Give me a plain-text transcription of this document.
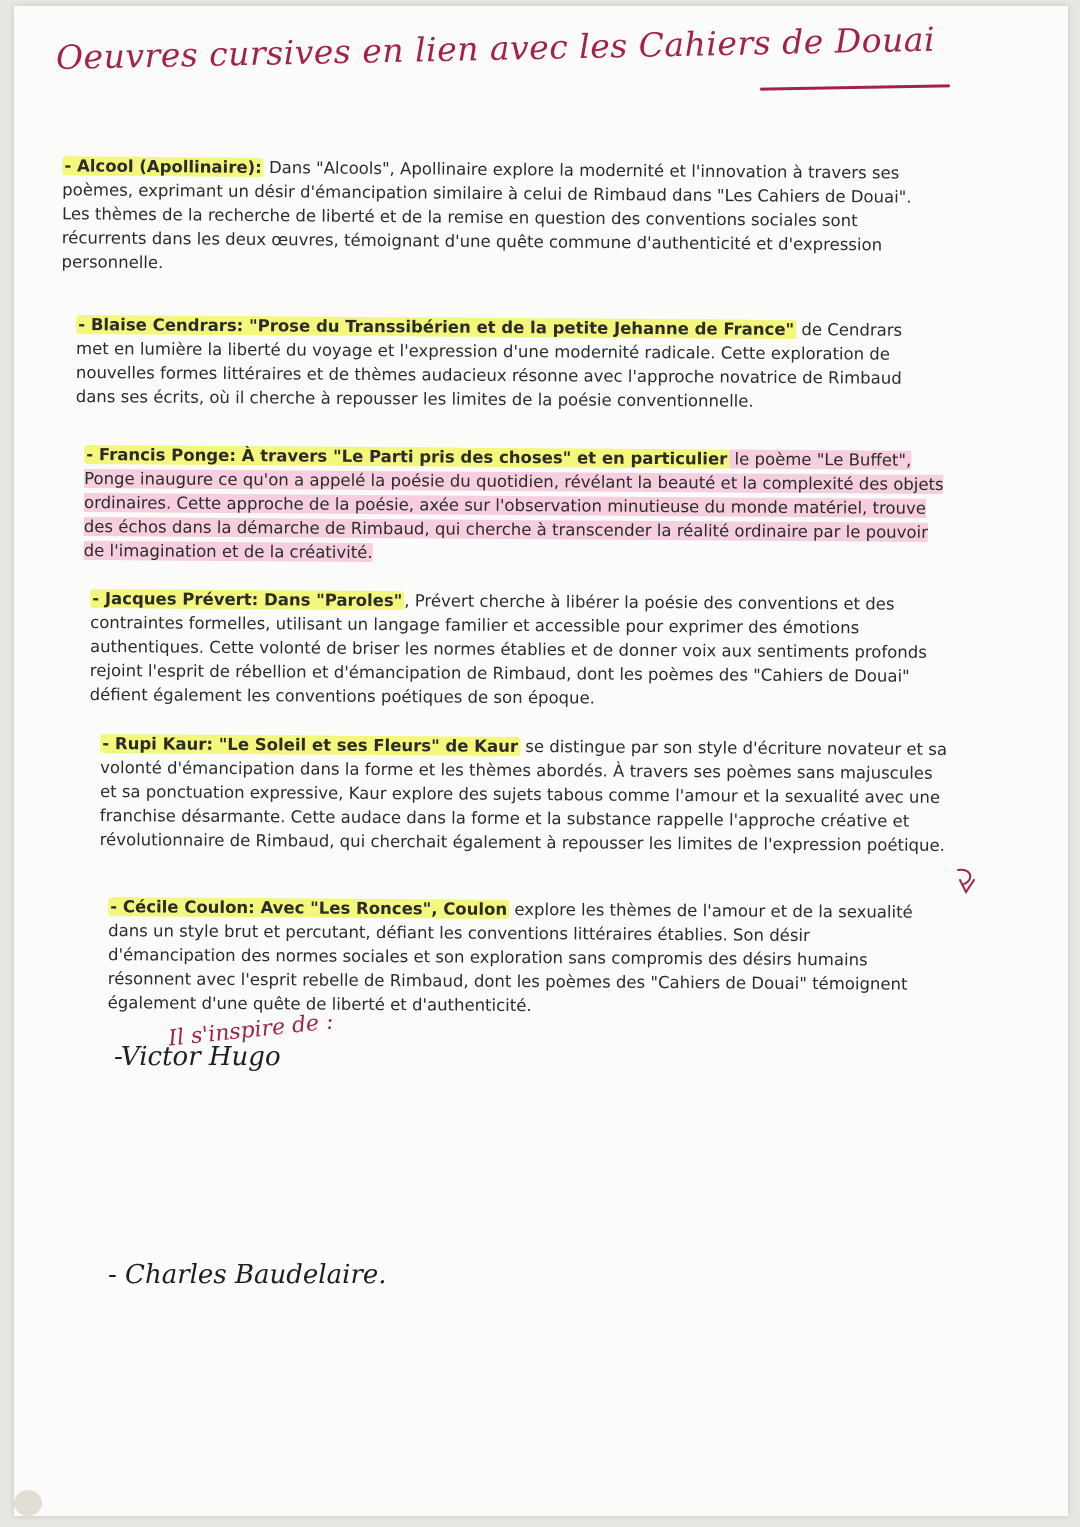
Oeuvres cursives en lien avec les Cahiers de Douai

- Alcool (Apollinaire): Dans "Alcools", Apollinaire explore la modernité et l'innovation à travers ses poèmes, exprimant un désir d'émancipation similaire à celui de Rimbaud dans "Les Cahiers de Douai". Les thèmes de la recherche de liberté et de la remise en question des conventions sociales sont récurrents dans les deux œuvres, témoignant d'une quête commune d'authenticité et d'expression personnelle.

- Blaise Cendrars: "Prose du Transsibérien et de la petite Jehanne de France" de Cendrars met en lumière la liberté du voyage et l'expression d'une modernité radicale. Cette exploration de nouvelles formes littéraires et de thèmes audacieux résonne avec l'approche novatrice de Rimbaud dans ses écrits, où il cherche à repousser les limites de la poésie conventionnelle.

- Francis Ponge: À travers "Le Parti pris des choses" et en particulier le poème "Le Buffet", Ponge inaugure ce qu'on a appelé la poésie du quotidien, révélant la beauté et la complexité des objets ordinaires. Cette approche de la poésie, axée sur l'observation minutieuse du monde matériel, trouve des échos dans la démarche de Rimbaud, qui cherche à transcender la réalité ordinaire par le pouvoir de l'imagination et de la créativité.

- Jacques Prévert: Dans "Paroles" , Prévert cherche à libérer la poésie des conventions et des contraintes formelles, utilisant un langage familier et accessible pour exprimer des émotions authentiques. Cette volonté de briser les normes établies et de donner voix aux sentiments profonds rejoint l'esprit de rébellion et d'émancipation de Rimbaud, dont les poèmes des "Cahiers de Douai" défient également les conventions poétiques de son époque.

- Rupi Kaur: "Le Soleil et ses Fleurs" de Kaur se distingue par son style d'écriture novateur et sa volonté d'émancipation dans la forme et les thèmes abordés. À travers ses poèmes sans majuscules et sa ponctuation expressive, Kaur explore des sujets tabous comme l'amour et la sexualité avec une franchise désarmante. Cette audace dans la forme et la substance rappelle l'approche créative et révolutionnaire de Rimbaud, qui cherchait également à repousser les limites de l'expression poétique.

- Cécile Coulon: Avec "Les Ronces", Coulon explore les thèmes de l'amour et de la sexualité dans un style brut et percutant, défiant les conventions littéraires établies. Son désir d'émancipation des normes sociales et son exploration sans compromis des désirs humains résonnent avec l'esprit rebelle de Rimbaud, dont les poèmes des "Cahiers de Douai" témoignent également d'une quête de liberté et d'authenticité.

Il s'inspire de :
-Victor Hugo
- Charles Baudelaire.
